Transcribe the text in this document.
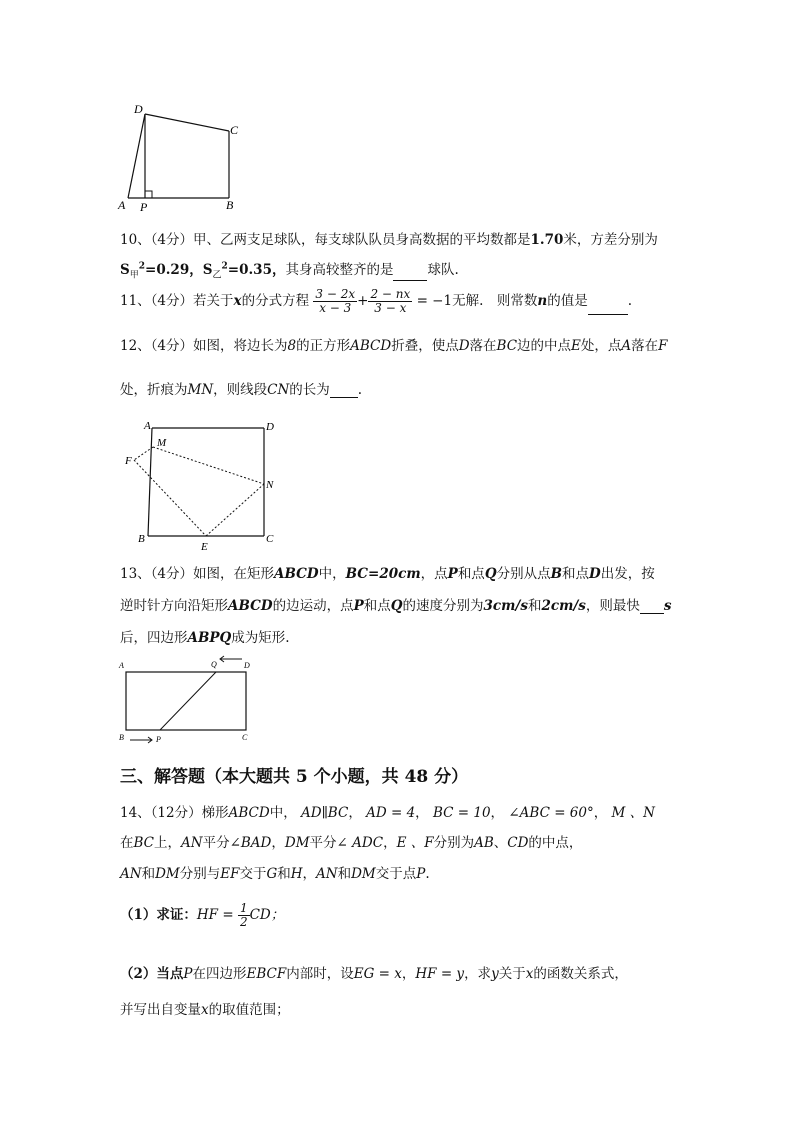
D
C
A P	B
10、（4分）甲、乙两支足球队，每支球队队员身高数据的平均数都是1.70米，方差分别为
$S_甲^2=0.29$，$S_乙^2=0.35$，其身高较整齐的是	球队.
11、（4分）若关于x的分式方程 $\frac{3 - 2x}{x - 3} + \frac{2 - nx}{3 - x} = -1$无解.　则常数n的值是	.
12、（4分）如图，将边长为8的正方形ABCD折叠，使点D落在BC边的中点E处，点A落在F
处，折痕为MN，则线段CN的长为 .
A	D
M
F
N
B
E
C
13、（4分）如图，在矩形ABCD中，BC=20cm，点P和点Q分别从点B和点D出发，按
逆时针方向沿矩形ABCD的边运动，点P和点Q的速度分别为3cm/s和2cm/s，则最快 s
后，四边形ABPQ成为矩形.
A	Q	D
B	P	C
三、解答题（本大题共 5 个小题，共 48 分）
14、（12分）梯形ABCD中， AD∥BC， AD = 4， BC = 10， ∠ABC = 60°， M 、N
在BC上，AN平分∠BAD，DM平分∠ ADC，E 、F分别为AB、CD的中点，
AN和DM分别与EF交于G和H，AN和DM交于点P.
（1）求证：HF = $\frac{1}{2}$ CD；
（2）当点P在四边形EBCF内部时，设EG = x，HF = y，求y关于x的函数关系式，
并写出自变量x的取值范围；
